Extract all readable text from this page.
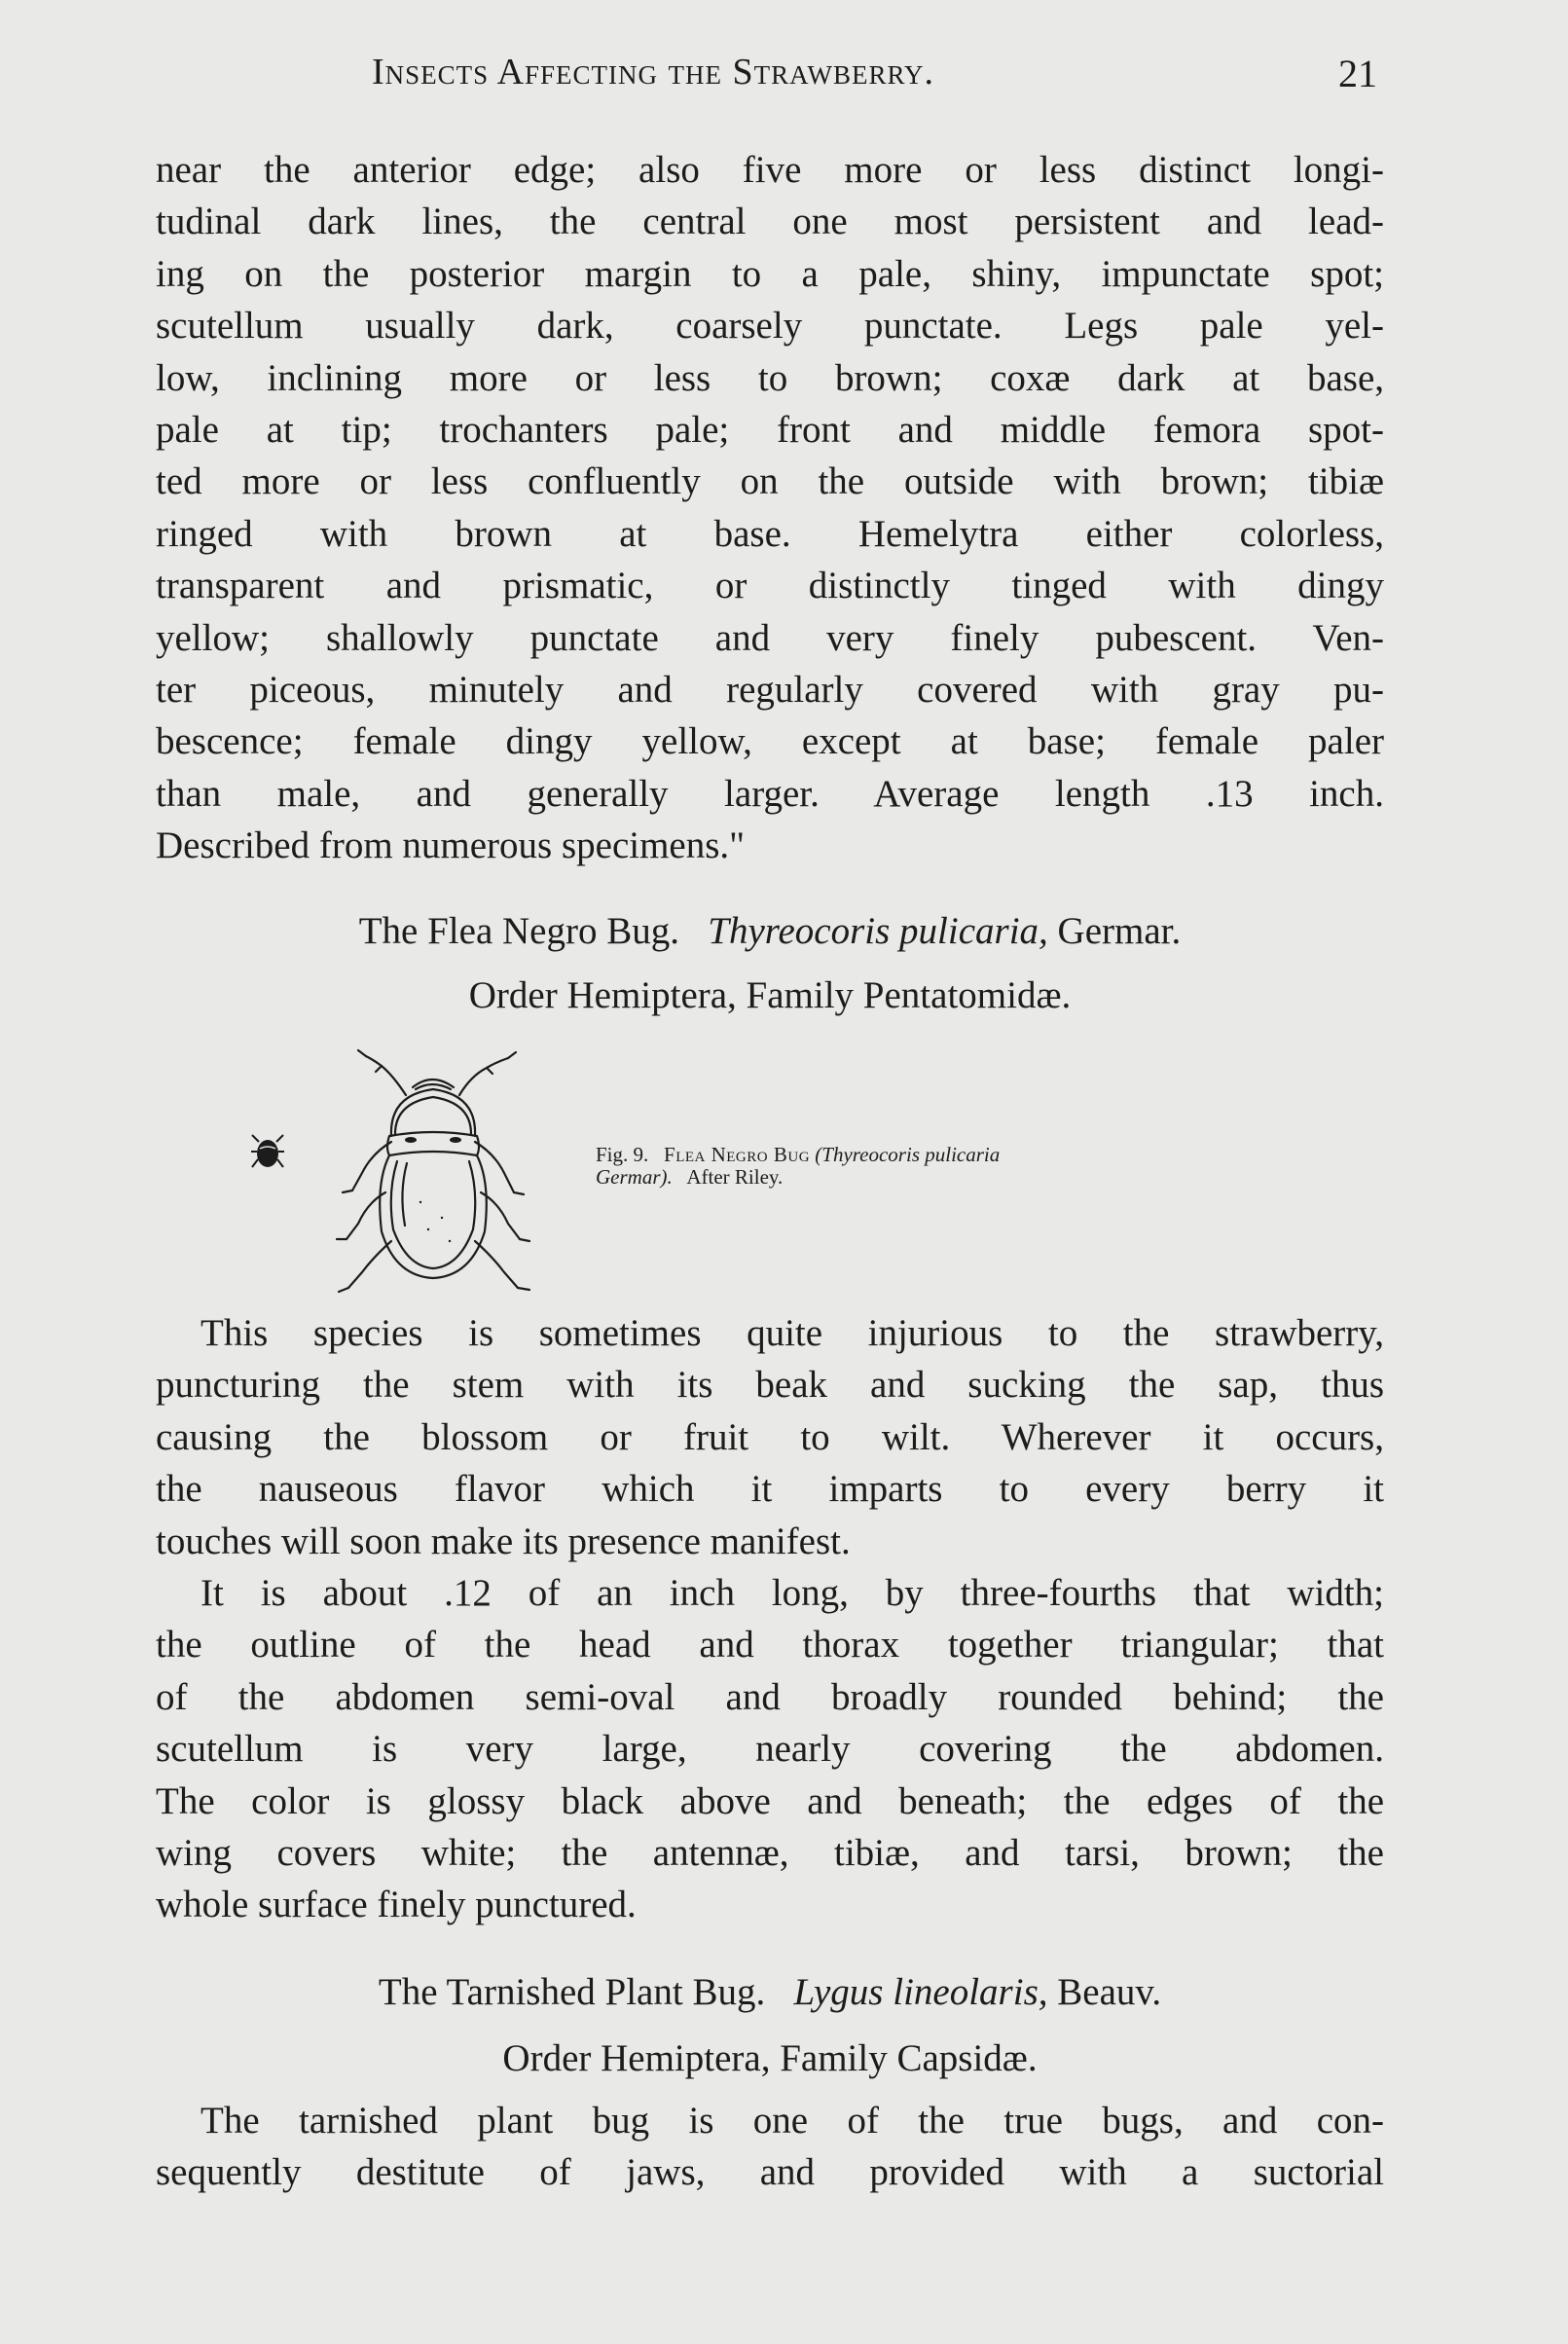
Insects Affecting the Strawberry.	21
near the anterior edge; also five more or less distinct longi-
tudinal dark lines, the central one most persistent and lead-
ing on the posterior margin to a pale, shiny, impunctate spot;
scutellum usually dark, coarsely punctate. Legs pale yel-
low, inclining more or less to brown; coxæ dark at base,
pale at tip; trochanters pale; front and middle femora spot-
ted more or less confluently on the outside with brown; tibiæ
ringed with brown at base. Hemelytra either colorless,
transparent and prismatic, or distinctly tinged with dingy
yellow; shallowly punctate and very finely pubescent. Ven-
ter piceous, minutely and regularly covered with gray pu-
bescence; female dingy yellow, except at base; female paler
than male, and generally larger. Average length .13 inch.
Described from numerous specimens."

The Flea Negro Bug. Thyreocoris pulicaria, Germar.

Order Hemiptera, Family Pentatomidæ.

Fig. 9. Flea Negro Bug (Thyreocoris pulicaria
Germar). After Riley.
This species is sometimes quite injurious to the strawberry,
puncturing the stem with its beak and sucking the sap, thus
causing the blossom or fruit to wilt. Wherever it occurs,
the nauseous flavor which it imparts to every berry it
touches will soon make its presence manifest.
It is about .12 of an inch long, by three-fourths that width;
the outline of the head and thorax together triangular; that
of the abdomen semi-oval and broadly rounded behind; the
scutellum is very large, nearly covering the abdomen.
The color is glossy black above and beneath; the edges of the
wing covers white; the antennæ, tibiæ, and tarsi, brown; the
whole surface finely punctured.

The Tarnished Plant Bug. Lygus lineolaris, Beauv.

Order Hemiptera, Family Capsidæ.

The tarnished plant bug is one of the true bugs, and con-
sequently destitute of jaws, and provided with a suctorial
